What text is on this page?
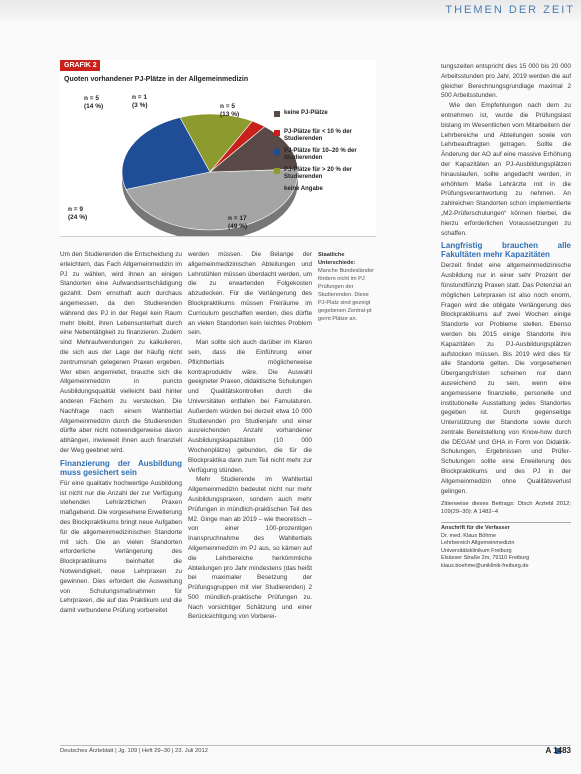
THEMEN DER ZEIT
GRAFIK 2
Quoten vorhandener PJ-Plätze in der Allgemeinmedizin
n = 5
(14 %)
n = 1
(3 %)	n = 5
(13 %)
n = 9
(24 %)	n = 17
(49 %)
keine PJ-Plätze
PJ-Plätze für < 10 % der Studierenden
PJ-Plätze für 10–20 % der Studierenden
PJ-Plätze für > 20 % der Studierenden
keine Angabe

Um den Studierenden die Entscheidung zu erleichtern, das Fach Allgemeinmedizin im PJ zu wählen, wird ihnen an einigen Standorten eine Aufwandsentschädigung gezahlt. Dem ernsthaft auch durchaus angemessen, da den Studierenden während des PJ in der Regel kein Raum mehr bleibt, ihren Lebensunterhalt durch eine Nebentätigkeit zu finanzieren. Zudem sind Mehraufwendungen zu kalkulieren, die sich aus der Lage der häufig nicht zentrumsnah gelegenen Praxen ergeben. Wer eben angemietet, brauche sich die Allgemeinmedizin in puncto Ausbildungsqualität vielleicht bald hinter anderen Fächern zu verstecken. Die Nachfrage nach einem Wahltertial Allgemeinmedizin durch die Studierenden dürfte aber nicht notwendigerweise davon abhängen, inwieweit ihnen auch finanziell der Weg geebnet wird.

Finanzierung der Ausbildung muss gesichert sein

Für eine qualitativ hochwertige Ausbildung ist nicht nur die Anzahl der zur Verfügung stehenden Lehrärztlichen Praxen maßgebend. Die vorgesehene Erweiterung des Blockpraktikums bringt neue Aufgaben für die allgemeinmedizinischen Standorte mit sich. Die an vielen Standorten erforderliche Verlängerung des Blockpraktikums beinhaltet die Notwendigkeit, neue Lehrpraxen zu gewinnen. Dies erfordert die Ausweitung von Schulungsmaßnahmen für Lehrpraxen, die auf das Praktikum und die damit verbundene Prüfung vorbereitet

werden müssen. Die Belange der allgemeinmedizinischen Abteilungen und Lehrstühlen müssen überdacht werden, um die zu erwartenden Folgekosten abzudecken. Für die Verlängerung des Blockpraktikums müssen Freiräume im Curriculum geschaffen werden, dies dürfte an vielen Standorten kein leichtes Problem sein.

Man sollte sich auch darüber im Klaren sein, dass die Einführung einer Pflichttertials möglicherweise kontraproduktiv wäre. Die Auswahl geeigneter Praxen, didaktische Schulungen und Qualitätskontrollen durch die Universitäten entfallen bei Famulaturen. Außerdem würden bei derzeit etwa 10 000 Studierenden pro Studienjahr und einer ausreichenden Anzahl vorhandener Ausbildungskapazitäten (10 000 Wochenplätze) gebunden, die für die Blockpraktika dann zum Teil nicht mehr zur Verfügung stünden.

Mehr Studierende im Wahltertial Allgemeinmedizin bedeutet nicht nur mehr Ausbildungspraxen, sondern auch mehr Prüfungen in mündlich-praktischen Teil des M2. Ginge man ab 2019 – wie theoretisch – von einer 100-prozentigen Inanspruchnahme des Wahltertials Allgemeinmedizin im PJ aus, so kämen auf die Lehrbereiche herkömmliche Abteilungen pro Jahr mindestens (das heißt bei maximaler Besetzung der Prüfungsgruppen mit vier Studierenden) 2 500 mündlich-praktische Prüfungen zu. Nach vorsichtiger Schätzung und einer Berücksichtigung von Vorberei-

Staatliche Unterschiede: Manche Bundesländer fördern nicht im PJ Prüfungen der Studierenden. Diese PJ-Platz sind gezeigt gegebenen Zentral-pt gernt Plätze an.

tungszeiten entspricht dies 15 000 bis 20 000 Arbeitsstunden pro Jahr, 2019 werden die auf gleicher Berechnungsgrundlage maximal 2 500 Arbeitsstunden.

Wie den Empfehlungen nach dem zu entnehmen ist, wurde die Prüfungslast bislang im Wesentlichen vom Mitarbeitern der Lehrbereiche und Abteilungen sowie von Lehrbeauftragten getragen. Sollte die Änderung der AO auf eine massive Erhöhung der Kapazitäten an PJ-Ausbildungsplätzen hinauslaufen, sollte angedacht werden, in erhöhtem Maße Lehrärzte mit in die Prüfungsverantwortung zu nehmen. An zahlreichen Standorten schon implementierte „M2-Prüferschulungen“ können hierbei, die hierzu erforderlichen Voraussetzungen zu schaffen.

Langfristig brauchen alle Fakultäten mehr Kapazitäten

Derzeit findet eine allgemeinmedizinische Ausbildung nur in einer sehr Prozent der fünstundfünzig Praxen statt. Das Potenzial an möglichen Lehrpraxen ist also noch enorm, Fragen wird die obligate Verlängerung des Blockpraktikums auf zwei Wochen einige Standorte vor Probleme stellen. Ebenso werden bis 2015 einige Standorte ihre Kapazitäten zu PJ-Ausbildungsplätzen aufstocken müssen. Bis 2019 wird dies für alle Standorte gelten. Die vorgesehenen Übergangsfristen scheinen nur dann ausreichend zu sein, wenn eine angemessene finanzielle, personelle und institutionelle Ausstattung jedes Standortes gegeben ist. Durch gegenseitige Unterstützung der Standorte sowie durch zentrale Bereitstellung von Know-how durch die DEGAM und GHA in Form von Didaktik-Schulungen, Ergebnissen und Prüfer-Schulungen sollte eine Erweiterung des Blockpraktikums und des PJ in der Allgemeinmedizin ohne Qualitätsverlust gelingen.

Zitierweise dieses Beitrags: Dtsch Arztebl 2012; 109(29–30): A 1482–4
Anschrift für die Verfasser
Dr. med. Klaus Böhme
Lehrbereich Allgemeinmedizin
Universitätsklinikum Freiburg
Elsässer Straße 2m, 79110 Freiburg
klaus.boehme@uniklinik-freiburg.de
Deutsches Ärzteblatt | Jg. 109 | Heft 29–30 | 23. Juli 2012	A 1483
